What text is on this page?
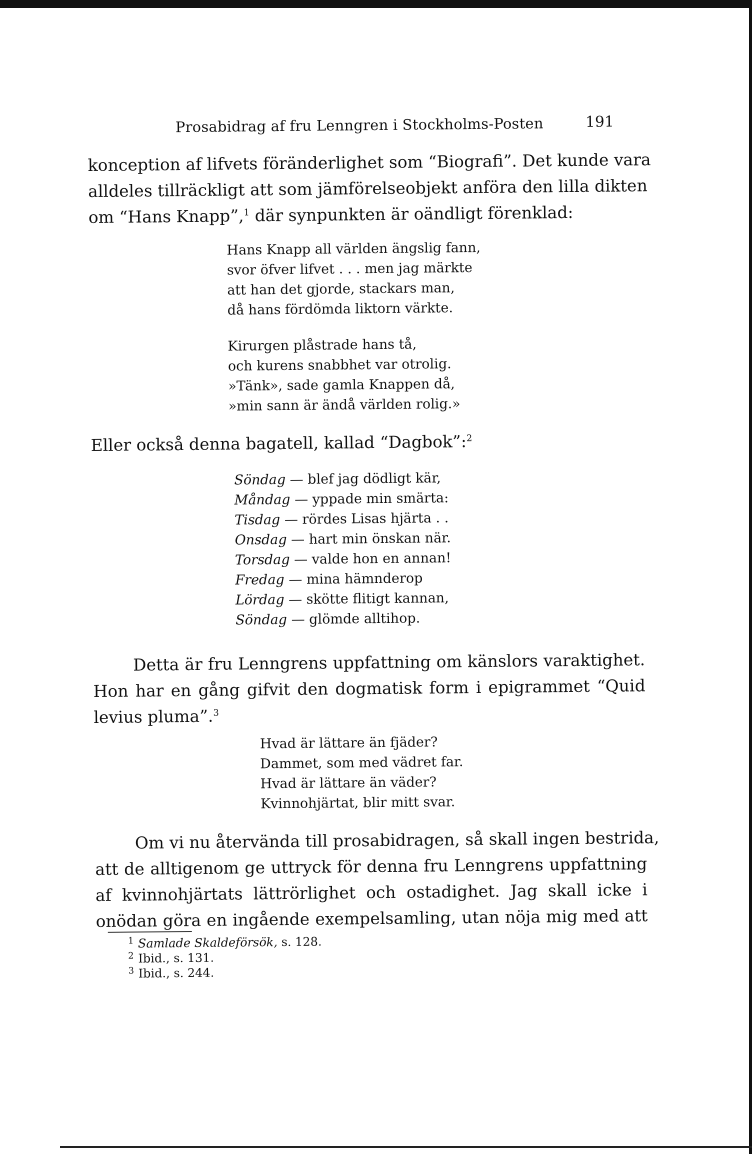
Prosabidrag af fru Lenngren i Stockholms-Posten	191
konception af lifvets föränderlighet som “Biografi”. Det kunde vara
alldeles tillräckligt att som jämförelseobjekt anföra den lilla dikten
om “Hans Knapp”,$^1$ där synpunkten är oändligt förenklad:
Hans Knapp all världen ängslig fann,
svor öfver lifvet . . . men jag märkte
att han det gjorde, stackars man,
då hans fördömda liktorn värkte.
Kirurgen plåstrade hans tå,
och kurens snabbhet var otrolig.
»Tänk», sade gamla Knappen då,
»min sann är ändå världen rolig.»
Eller också denna bagatell, kallad “Dagbok”:$^2$
Söndag — blef jag dödligt kär,
Måndag — yppade min smärta:
Tisdag — rördes Lisas hjärta . .
Onsdag — hart min önskan när.
Torsdag — valde hon en annan!
Fredag — mina hämnderop
Lördag — skötte flitigt kannan,
Söndag — glömde alltihop.
Detta är fru Lenngrens uppfattning om känslors varaktighet.
Hon har en gång gifvit den dogmatisk form i epigrammet “Quid
levius pluma”.$^3$
Hvad är lättare än fjäder?
Dammet, som med vädret far.
Hvad är lättare än väder?
Kvinnohjärtat, blir mitt svar.
Om vi nu återvända till prosabidragen, så skall ingen bestrida,
att de alltigenom ge uttryck för denna fru Lenngrens uppfattning
af kvinnohjärtats lättrörlighet och ostadighet. Jag skall icke i
onödan göra en ingående exempelsamling, utan nöja mig med att
1 Samlade Skaldeförsök, s. 128.
2 Ibid., s. 131.
3 Ibid., s. 244.
